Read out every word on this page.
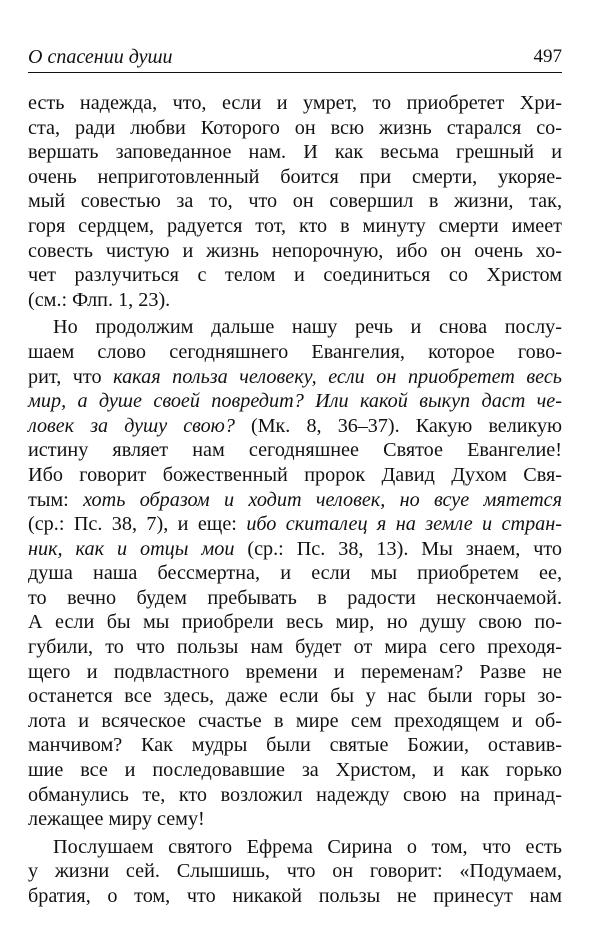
О спасении души	497
есть надежда, что, если и умрет, то приобретет Хри-
ста, ради любви Которого он всю жизнь старался со-
вершать заповеданное нам. И как весьма грешный и
очень неприготовленный боится при смерти, укоряе-
мый совестью за то, что он совершил в жизни, так,
горя сердцем, радуется тот, кто в минуту смерти имеет
совесть чистую и жизнь непорочную, ибо он очень хо-
чет разлучиться с телом и соединиться со Христом
(см.: Флп. 1, 23).
Но продолжим дальше нашу речь и снова послу-
шаем слово сегодняшнего Евангелия, которое гово-
рит, что какая польза человеку, если он приобретет весь
мир, а душе своей повредит? Или какой выкуп даст че-
ловек за душу свою? (Мк. 8, 36–37). Какую великую
истину являет нам сегодняшнее Святое Евангелие!
Ибо говорит божественный пророк Давид Духом Свя-
тым: хоть образом и ходит человек, но всуе мятется
(ср.: Пс. 38, 7), и еще: ибо скиталец я на земле и стран-
ник, как и отцы мои (ср.: Пс. 38, 13). Мы знаем, что
душа наша бессмертна, и если мы приобретем ее,
то вечно будем пребывать в радости нескончаемой.
А если бы мы приобрели весь мир, но душу свою по-
губили, то что пользы нам будет от мира сего преходя-
щего и подвластного времени и переменам? Разве не
останется все здесь, даже если бы у нас были горы зо-
лота и всяческое счастье в мире сем преходящем и об-
манчивом? Как мудры были святые Божии, оставив-
шие все и последовавшие за Христом, и как горько
обманулись те, кто возложил надежду свою на принад-
лежащее миру сему!
Послушаем святого Ефрема Сирина о том, что есть
у жизни сей. Слышишь, что он говорит: «Подумаем,
братия, о том, что никакой пользы не принесут нам
